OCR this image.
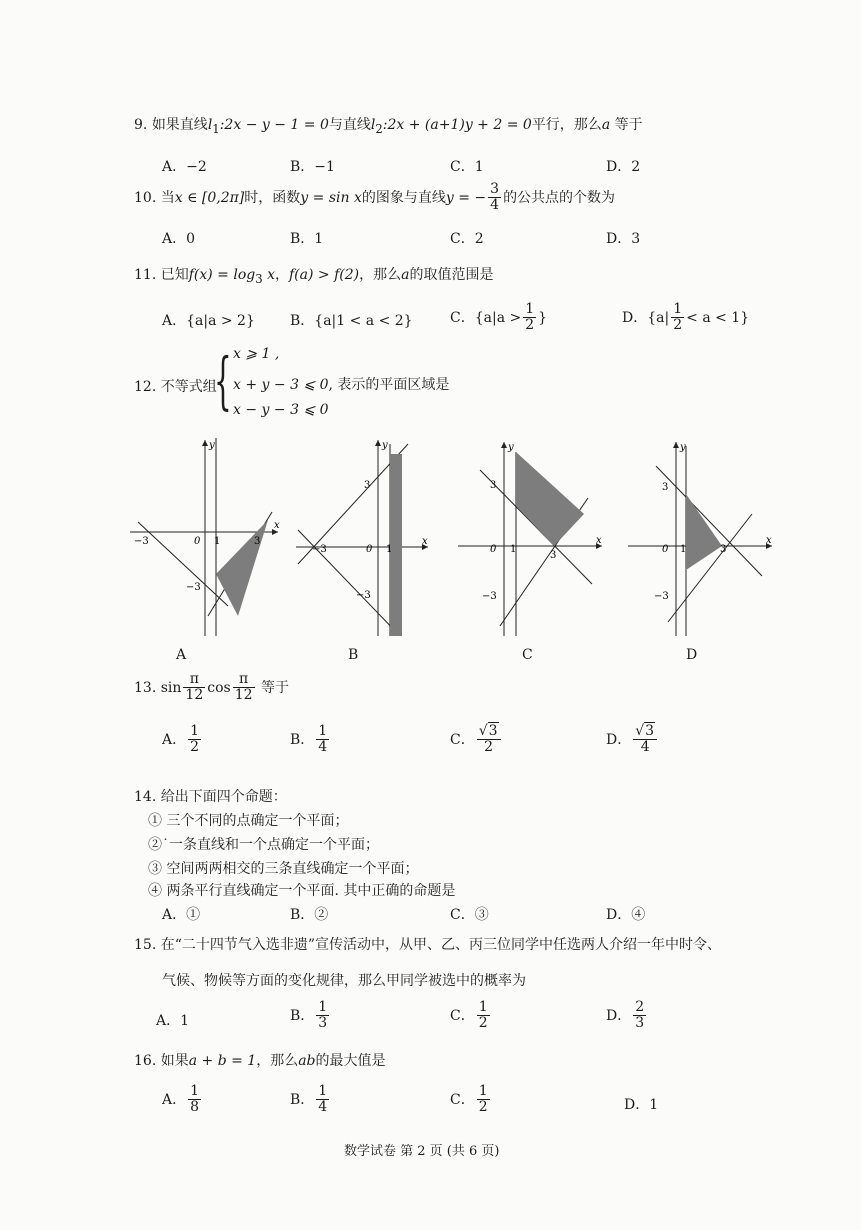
9. 如果直线$l_1:2x - y - 1 = 0$与直线$l_2:2x + (a+1)y + 2 = 0$平行，那么a 等于
A．−2	B．−1	C．1	D．2
10. 当x ∈ [0,2π]时，函数y = sin x的图象与直线y = − $\frac{3}{4}$ 的公共点的个数为
A．0	B．1	C．2	D．3
11. 已知$f(x) = \log_3 x$，f(a) > f(2)，那么a的取值范围是
A．{a|a > 2}	B．{a|1 < a < 2}	C．{$a|a > \frac{1}{2}$ }	D．$\{a| \frac{1}{2} < a < 1\}$
12. 不等式组
{ x ⩾ 1 ,
x + y − 3 ⩽ 0, 表示的平面区域是
x − y − 3 ⩽ 0
x
y
−3	0 1	3
−3
x
y
−3	0 1
3
−3
x
y
3
0 1
3
−3
x
y
3
0 1	3
−3
A	B	C	D
13. $\sin \frac{\pi}{12}$ $\cos \frac{\pi}{12}$ 等于
A． $\frac{1}{2}$	B． $\frac{1}{4}$	C． $\frac{√3}{2}$	D． $\frac{√3}{4}$
14. 给出下面四个命题：
① 三个不同的点确定一个平面；
②˙一条直线和一个点确定一个平面；
③ 空间两两相交的三条直线确定一个平面；
④ 两条平行直线确定一个平面. 其中正确的命题是
A．①	B．②	C．③	D．④
15. 在“二十四节气入选非遗”宣传活动中，从甲、乙、丙三位同学中任选两人介绍一年中时令、
气候、物候等方面的变化规律，那么甲同学被选中的概率为
A．1	B． $\frac{1}{3}$	C． $\frac{1}{2}$	D． $\frac{2}{3}$
16. 如果a + b = 1，那么ab的最大值是
A． $\frac{1}{8}$	B． $\frac{1}{4}$	C． $\frac{1}{2}$	D．1
数学试卷 第 2 页 (共 6 页)
